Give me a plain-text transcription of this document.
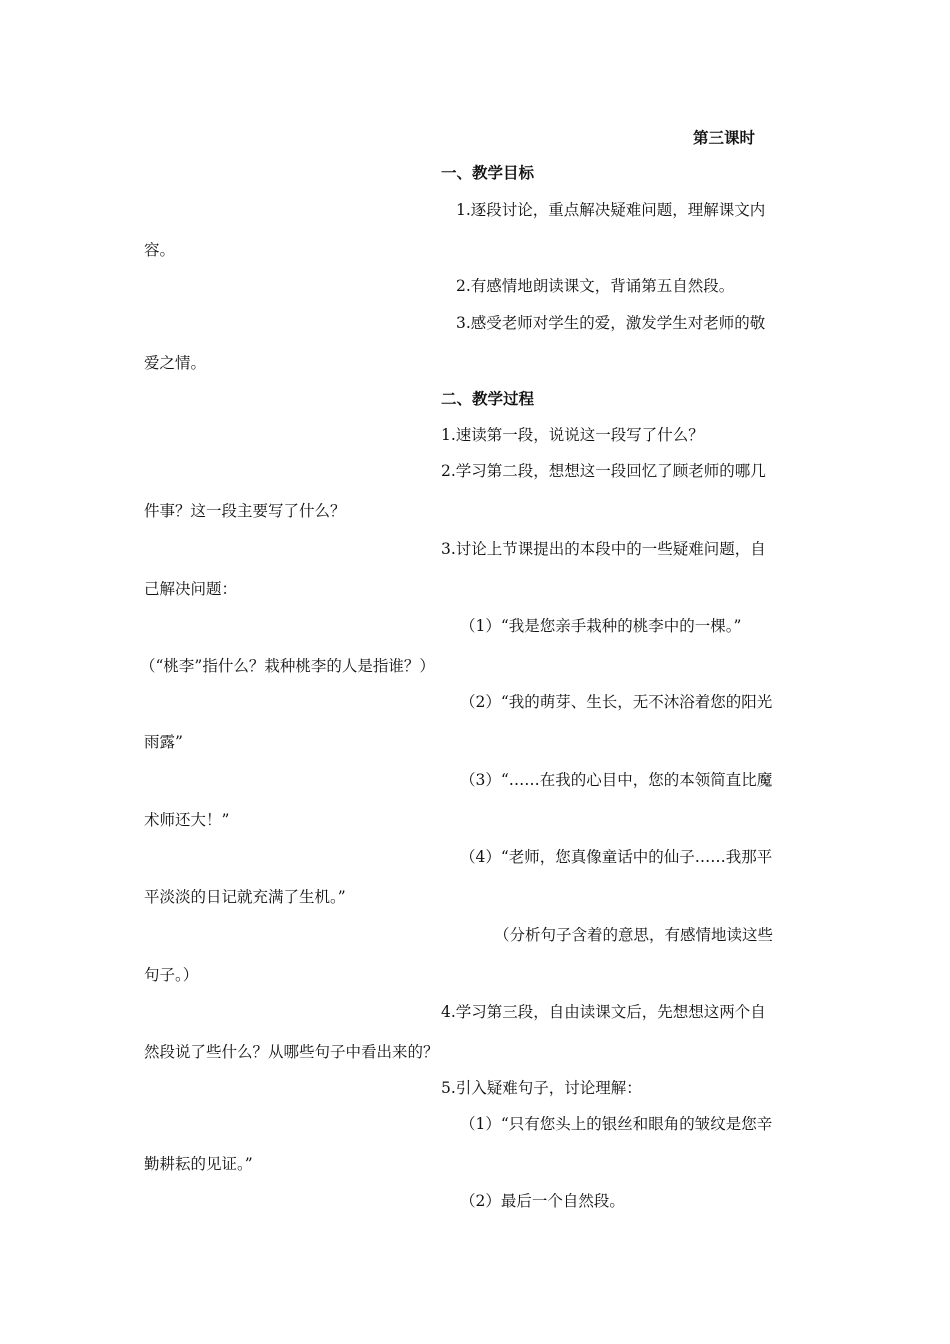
第三课时
一、教学目标
1.逐段讨论，重点解决疑难问题，理解课文内
容。
2.有感情地朗读课文，背诵第五自然段。
3.感受老师对学生的爱，激发学生对老师的敬
爱之情。
二、教学过程
1.速读第一段，说说这一段写了什么？
2.学习第二段，想想这一段回忆了顾老师的哪几
件事？这一段主要写了什么？
3.讨论上节课提出的本段中的一些疑难问题，自
己解决问题：
（1）“我是您亲手栽种的桃李中的一棵。”
（“桃李”指什么？栽种桃李的人是指谁？）
（2）“我的萌芽、生长，无不沐浴着您的阳光
雨露”
（3）“……在我的心目中，您的本领简直比魔
术师还大！”
（4）“老师，您真像童话中的仙子……我那平
平淡淡的日记就充满了生机。”
（分析句子含着的意思，有感情地读这些
句子。）
4.学习第三段，自由读课文后，先想想这两个自
然段说了些什么？从哪些句子中看出来的？
5.引入疑难句子，讨论理解：
（1）“只有您头上的银丝和眼角的皱纹是您辛
勤耕耘的见证。”
（2）最后一个自然段。
